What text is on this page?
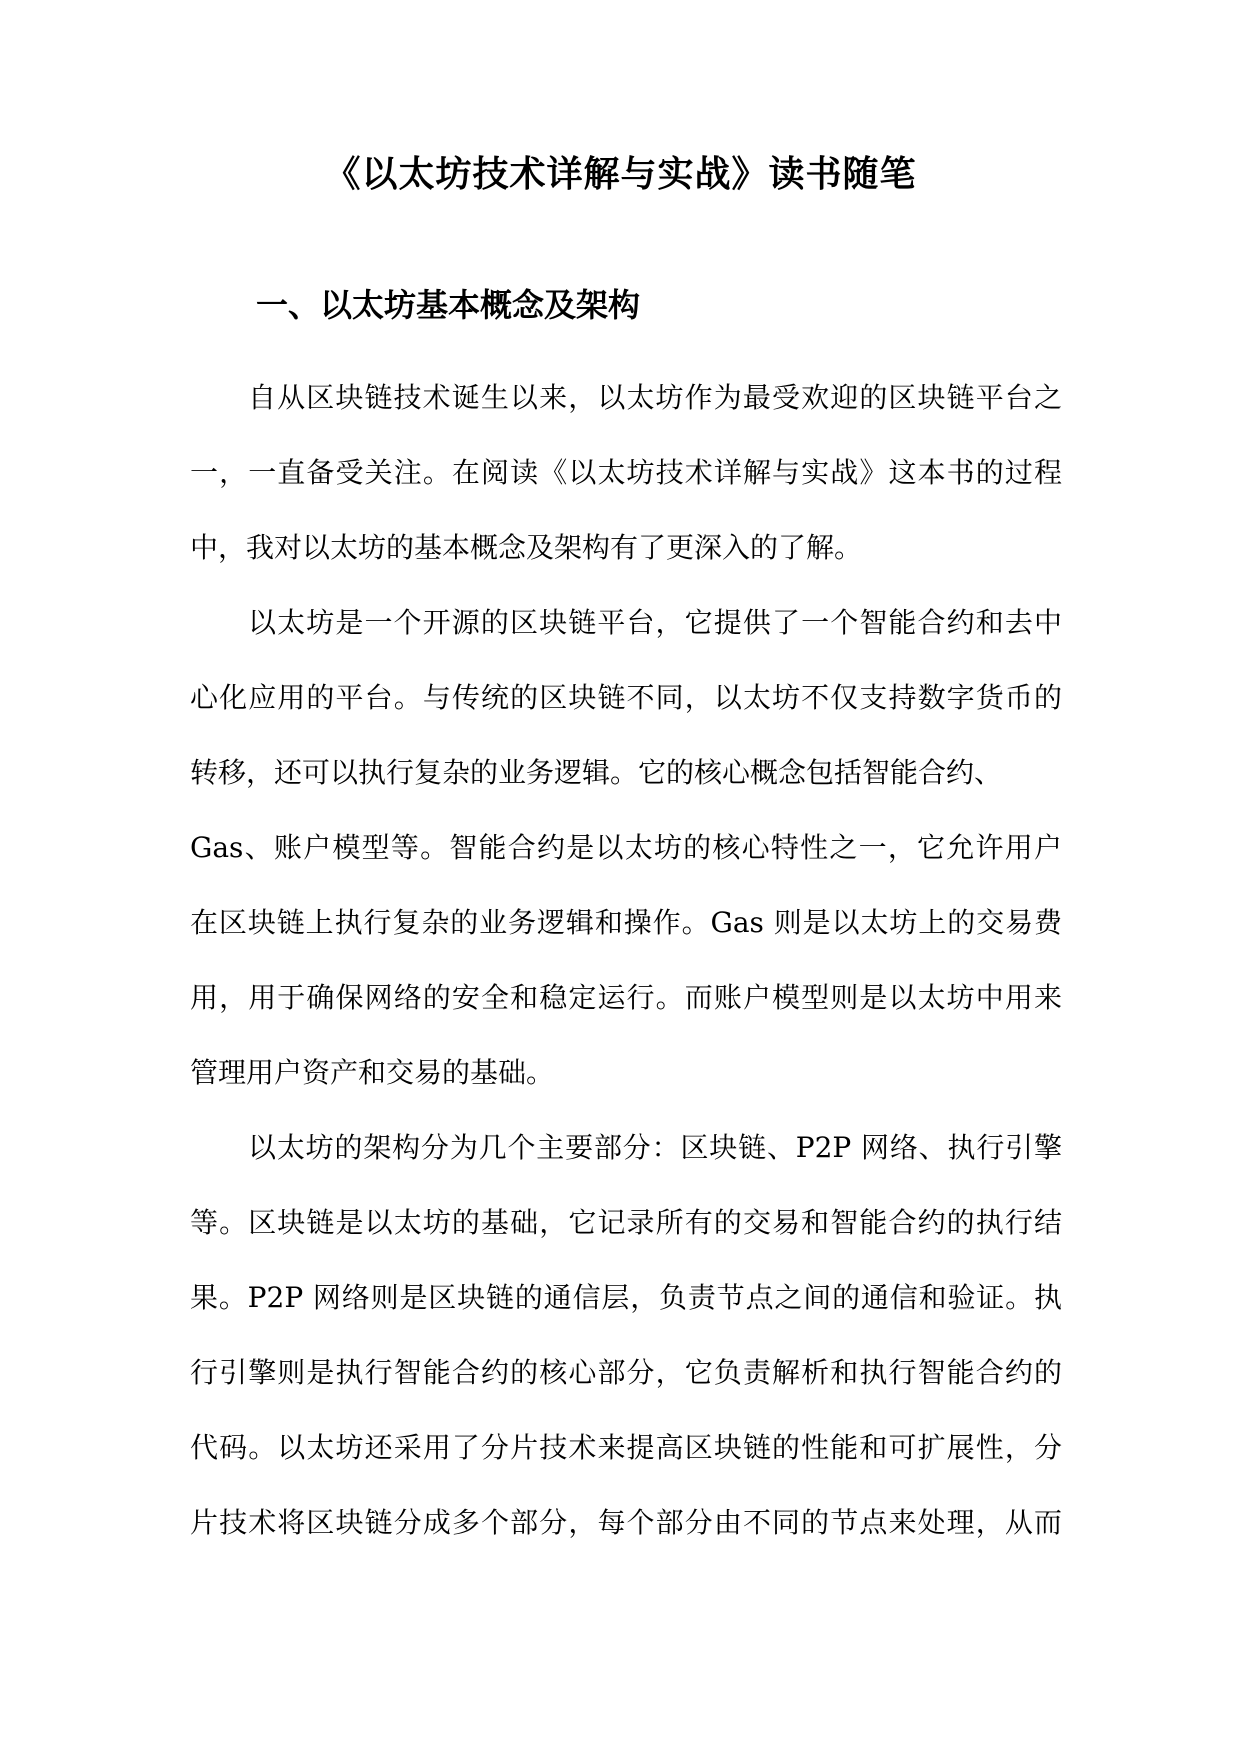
《以太坊技术详解与实战》读书随笔
一、以太坊基本概念及架构

自从区块链技术诞生以来，以太坊作为最受欢迎的区块链平台之
一，一直备受关注。在阅读《以太坊技术详解与实战》这本书的过程
中，我对以太坊的基本概念及架构有了更深入的了解。

以太坊是一个开源的区块链平台，它提供了一个智能合约和去中
心化应用的平台。与传统的区块链不同，以太坊不仅支持数字货币的
转移，还可以执行复杂的业务逻辑。它的核心概念包括智能合约、
Gas、账户模型等。智能合约是以太坊的核心特性之一，它允许用户
在区块链上执行复杂的业务逻辑和操作。Gas 则是以太坊上的交易费
用，用于确保网络的安全和稳定运行。而账户模型则是以太坊中用来
管理用户资产和交易的基础。

以太坊的架构分为几个主要部分：区块链、P2P 网络、执行引擎
等。区块链是以太坊的基础，它记录所有的交易和智能合约的执行结
果。P2P 网络则是区块链的通信层，负责节点之间的通信和验证。执
行引擎则是执行智能合约的核心部分，它负责解析和执行智能合约的
代码。以太坊还采用了分片技术来提高区块链的性能和可扩展性，分
片技术将区块链分成多个部分，每个部分由不同的节点来处理，从而
